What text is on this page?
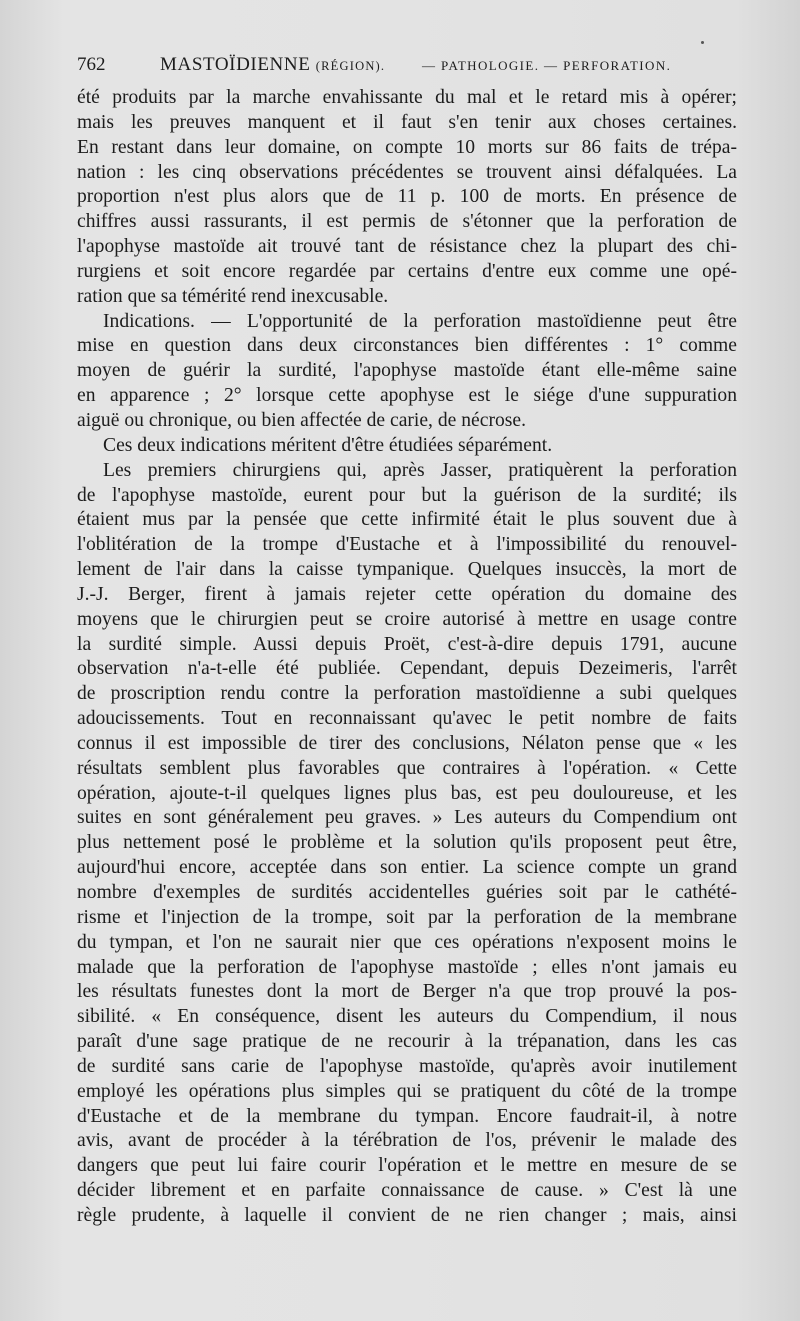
762	MASTOÏDIENNE (RÉGION).	— PATHOLOGIE. — PERFORATION.
été produits par la marche envahissante du mal et le retard mis à opérer;
mais les preuves manquent et il faut s'en tenir aux choses certaines.
En restant dans leur domaine, on compte 10 morts sur 86 faits de trépa-
nation : les cinq observations précédentes se trouvent ainsi défalquées. La
proportion n'est plus alors que de 11 p. 100 de morts. En présence de
chiffres aussi rassurants, il est permis de s'étonner que la perforation de
l'apophyse mastoïde ait trouvé tant de résistance chez la plupart des chi-
rurgiens et soit encore regardée par certains d'entre eux comme une opé-
ration que sa témérité rend inexcusable.
Indications. — L'opportunité de la perforation mastoïdienne peut être
mise en question dans deux circonstances bien différentes : 1° comme
moyen de guérir la surdité, l'apophyse mastoïde étant elle-même saine
en apparence ; 2° lorsque cette apophyse est le siége d'une suppuration
aiguë ou chronique, ou bien affectée de carie, de nécrose.
Ces deux indications méritent d'être étudiées séparément.
Les premiers chirurgiens qui, après Jasser, pratiquèrent la perforation
de l'apophyse mastoïde, eurent pour but la guérison de la surdité; ils
étaient mus par la pensée que cette infirmité était le plus souvent due à
l'oblitération de la trompe d'Eustache et à l'impossibilité du renouvel-
lement de l'air dans la caisse tympanique. Quelques insuccès, la mort de
J.-J. Berger, firent à jamais rejeter cette opération du domaine des
moyens que le chirurgien peut se croire autorisé à mettre en usage contre
la surdité simple. Aussi depuis Proët, c'est-à-dire depuis 1791, aucune
observation n'a-t-elle été publiée. Cependant, depuis Dezeimeris, l'arrêt
de proscription rendu contre la perforation mastoïdienne a subi quelques
adoucissements. Tout en reconnaissant qu'avec le petit nombre de faits
connus il est impossible de tirer des conclusions, Nélaton pense que « les
résultats semblent plus favorables que contraires à l'opération. « Cette
opération, ajoute-t-il quelques lignes plus bas, est peu douloureuse, et les
suites en sont généralement peu graves. » Les auteurs du Compendium ont
plus nettement posé le problème et la solution qu'ils proposent peut être,
aujourd'hui encore, acceptée dans son entier. La science compte un grand
nombre d'exemples de surdités accidentelles guéries soit par le cathété-
risme et l'injection de la trompe, soit par la perforation de la membrane
du tympan, et l'on ne saurait nier que ces opérations n'exposent moins le
malade que la perforation de l'apophyse mastoïde ; elles n'ont jamais eu
les résultats funestes dont la mort de Berger n'a que trop prouvé la pos-
sibilité. « En conséquence, disent les auteurs du Compendium, il nous
paraît d'une sage pratique de ne recourir à la trépanation, dans les cas
de surdité sans carie de l'apophyse mastoïde, qu'après avoir inutilement
employé les opérations plus simples qui se pratiquent du côté de la trompe
d'Eustache et de la membrane du tympan. Encore faudrait-il, à notre
avis, avant de procéder à la térébration de l'os, prévenir le malade des
dangers que peut lui faire courir l'opération et le mettre en mesure de se
décider librement et en parfaite connaissance de cause. » C'est là une
règle prudente, à laquelle il convient de ne rien changer ; mais, ainsi
